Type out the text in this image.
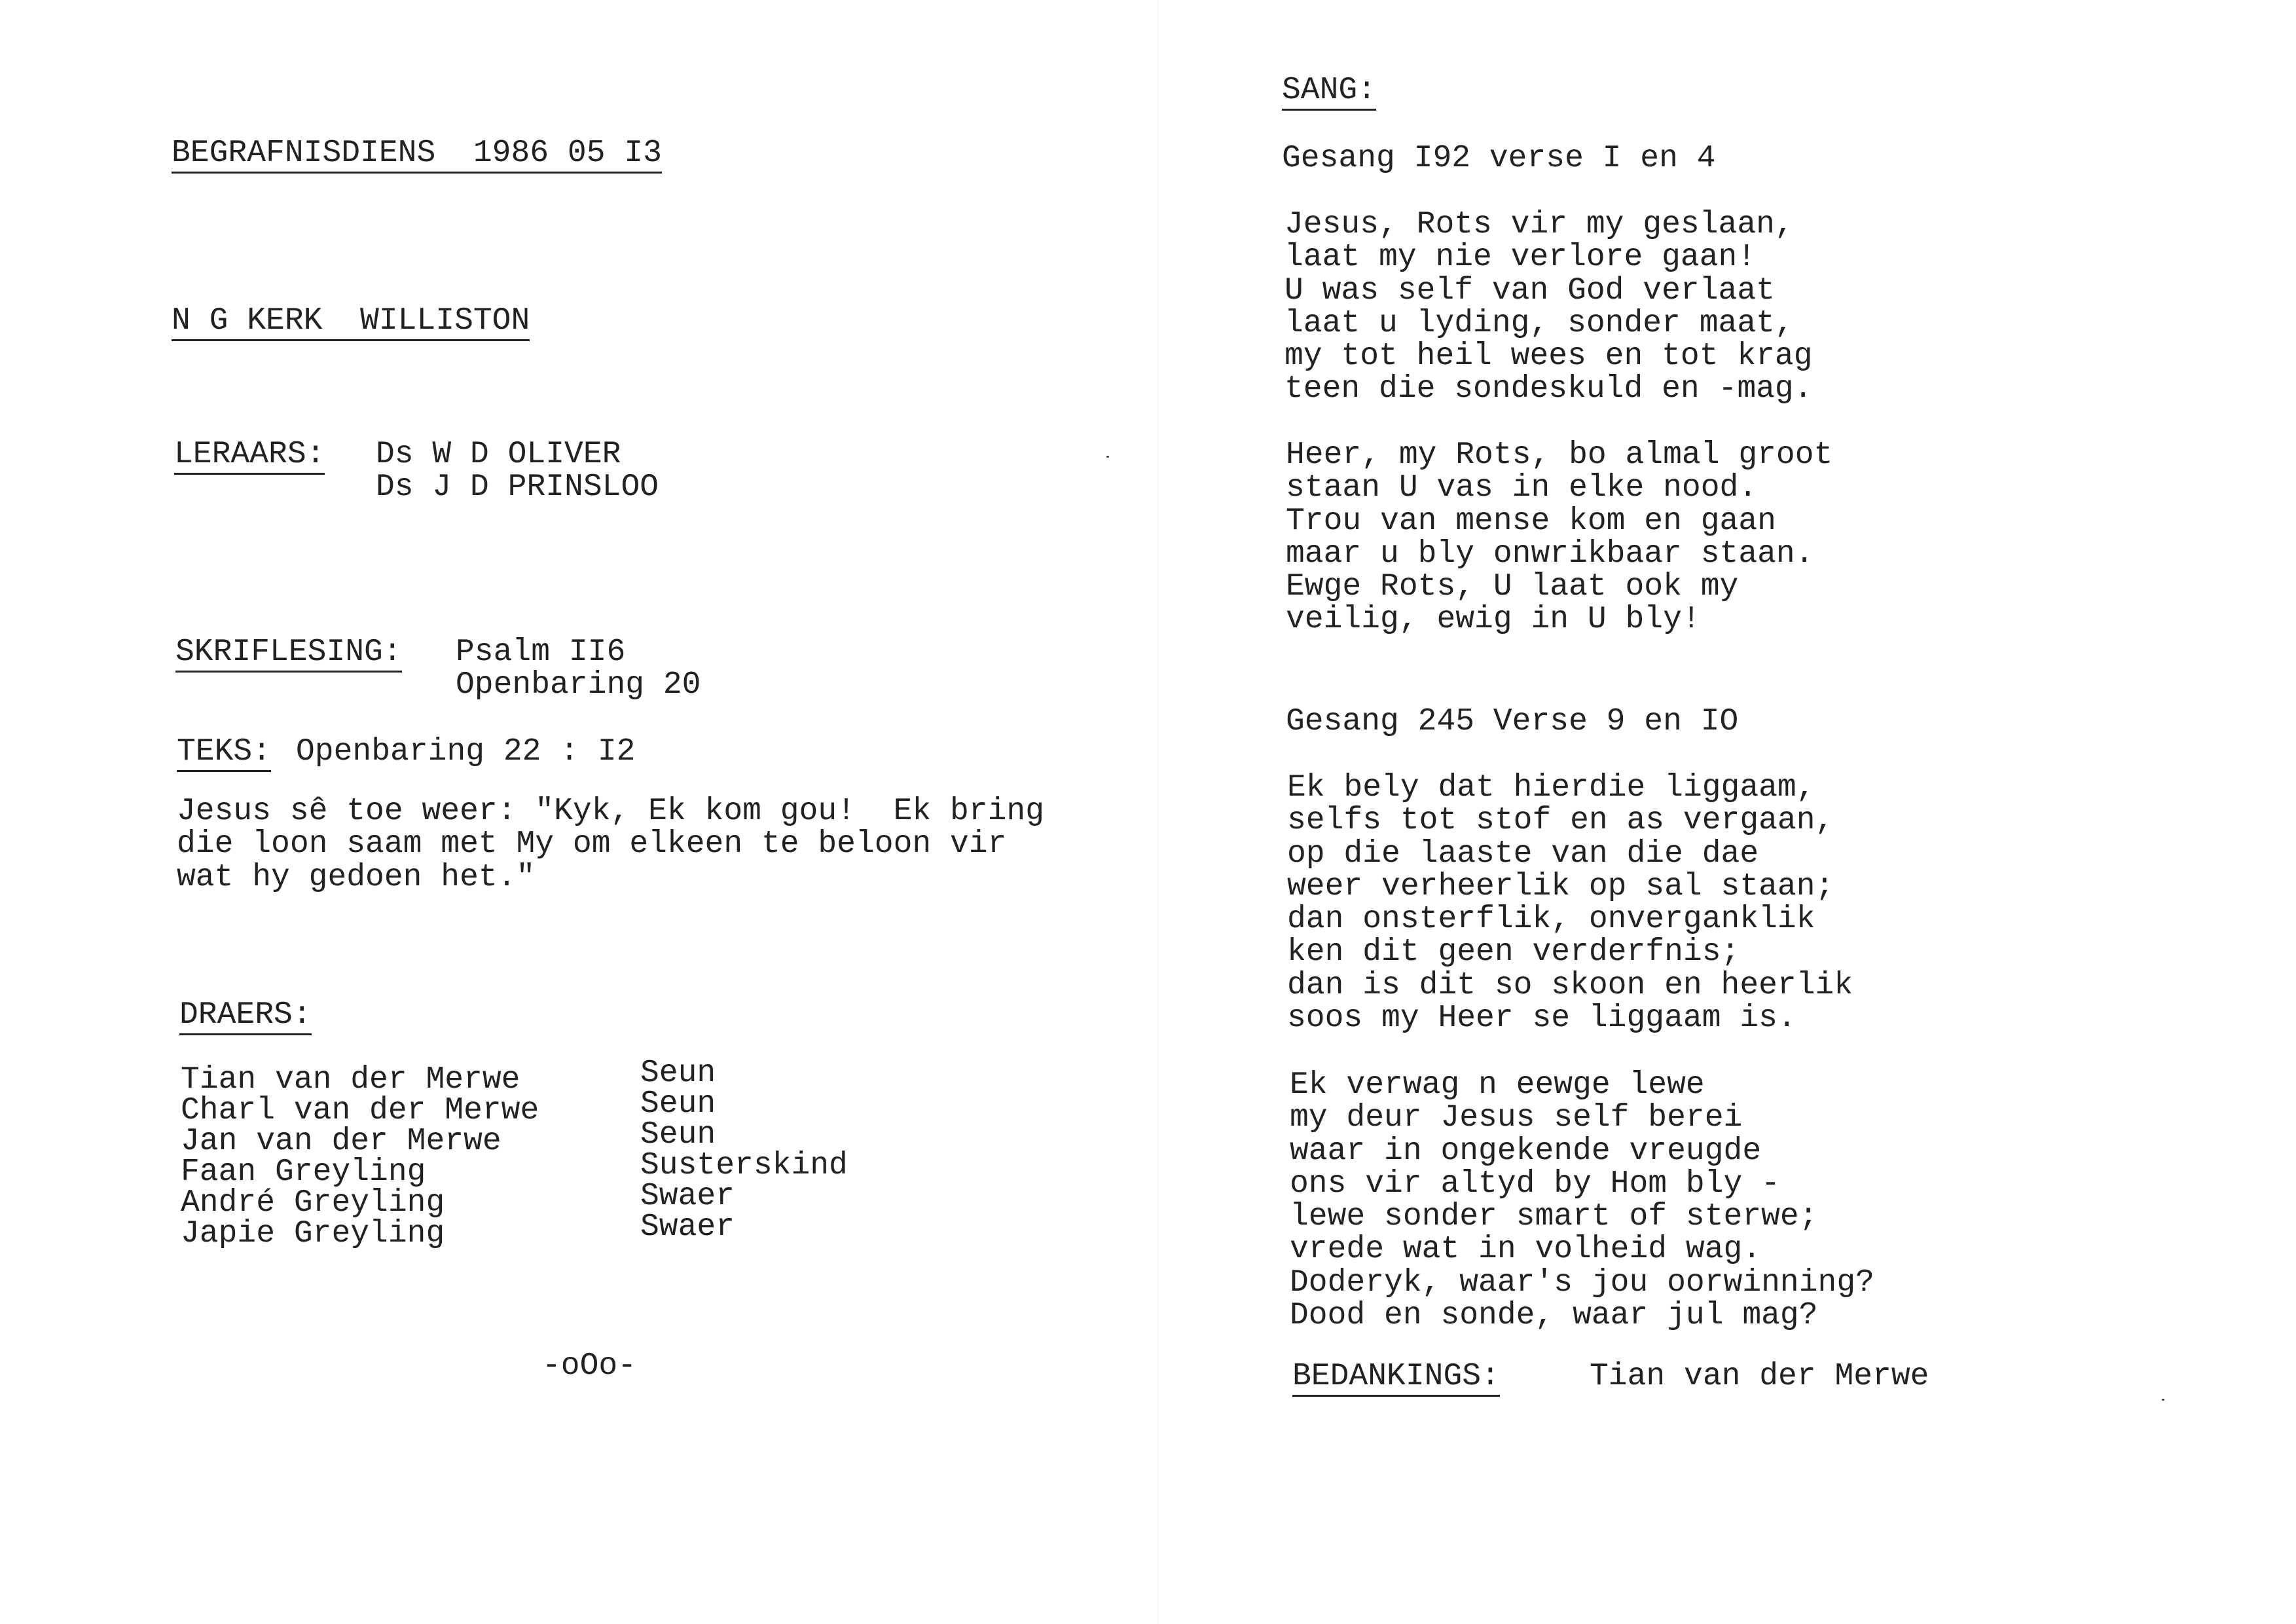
BEGRAFNISDIENS  1986 05 I3
N G KERK  WILLISTON
LERAARS: Ds W D OLIVER
Ds J D PRINSLOO
SKRIFLESING: Psalm II6
Openbaring 20
TEKS: Openbaring 22 : I2
Jesus sê toe weer: "Kyk, Ek kom gou!  Ek bring
die loon saam met My om elkeen te beloon vir
wat hy gedoen het."
DRAERS:
Tian van der Merwe
Charl van der Merwe
Jan van der Merwe
Faan Greyling
André Greyling
Japie Greyling
Seun
Seun
Seun
Susterskind
Swaer
Swaer
-oOo-
SANG:
Gesang I92 verse I en 4
Jesus, Rots vir my geslaan,
laat my nie verlore gaan!
U was self van God verlaat
laat u lyding, sonder maat,
my tot heil wees en tot krag
teen die sondeskuld en -mag.
Heer, my Rots, bo almal groot
staan U vas in elke nood.
Trou van mense kom en gaan
maar u bly onwrikbaar staan.
Ewge Rots, U laat ook my
veilig, ewig in U bly!
Gesang 245 Verse 9 en IO
Ek bely dat hierdie liggaam,
selfs tot stof en as vergaan,
op die laaste van die dae
weer verheerlik op sal staan;
dan onsterflik, onverganklik
ken dit geen verderfnis;
dan is dit so skoon en heerlik
soos my Heer se liggaam is.
Ek verwag n eewge lewe
my deur Jesus self berei
waar in ongekende vreugde
ons vir altyd by Hom bly -
lewe sonder smart of sterwe;
vrede wat in volheid wag.
Doderyk, waar's jou oorwinning?
Dood en sonde, waar jul mag?
BEDANKINGS:	Tian van der Merwe
